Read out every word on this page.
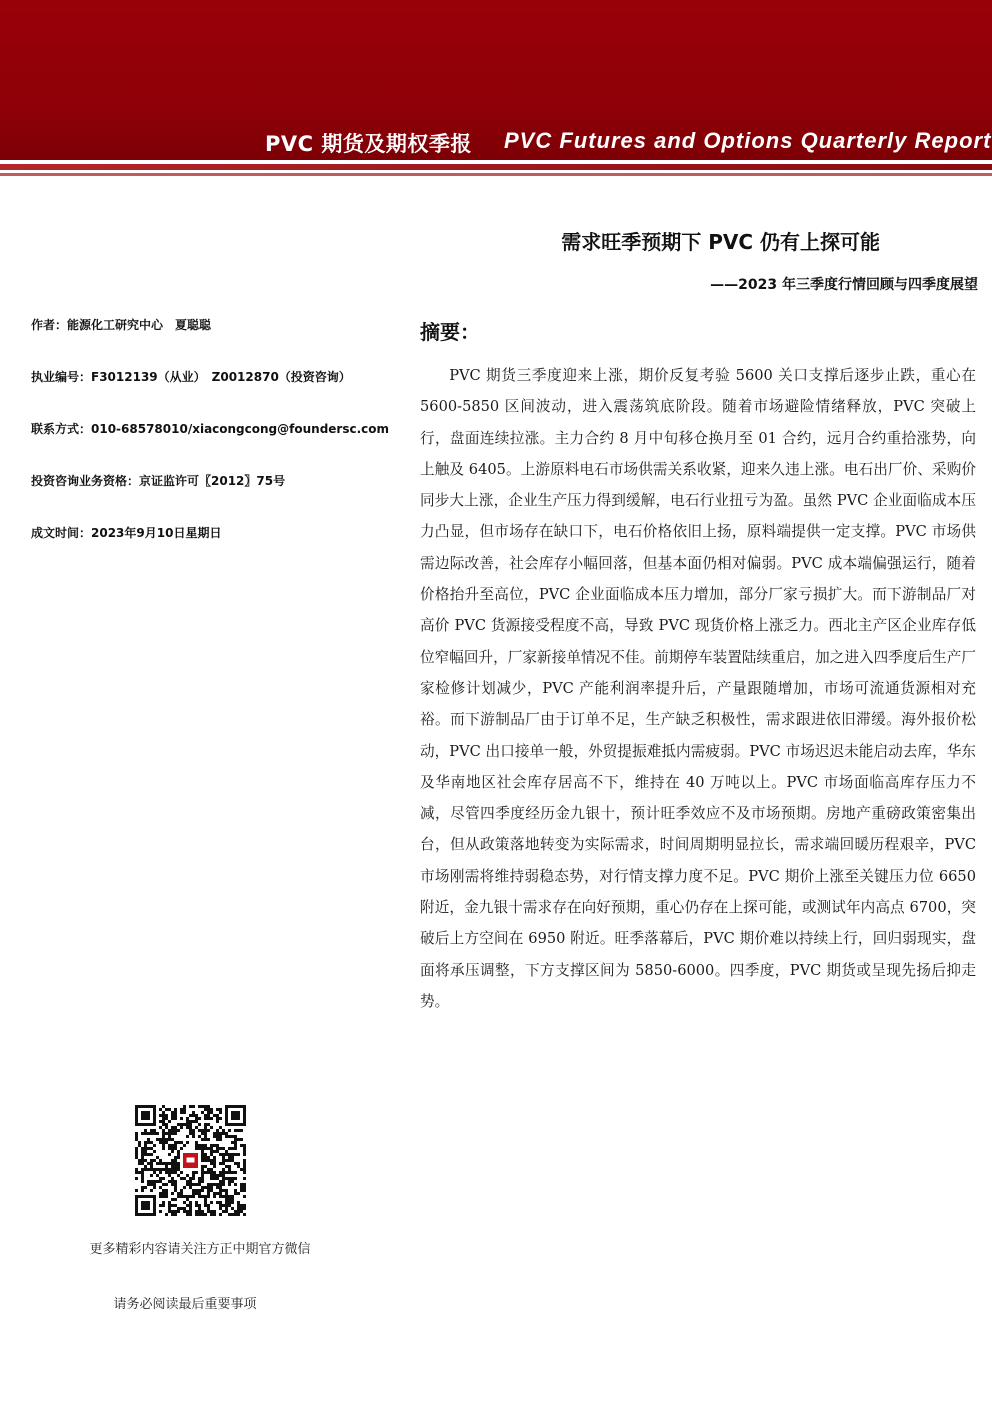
PVC 期货及期权季报 PVC Futures and Options Quarterly Report
需求旺季预期下 PVC 仍有上探可能
——2023 年三季度行情回顾与四季度展望
作者：能源化工研究中心　夏聪聪
执业编号：F3012139（从业）　Z0012870（投资咨询）
联系方式：010-68578010/xiacongcong@foundersc.com
投资咨询业务资格：京证监许可〖2012〗75号
成文时间：2023年9月10日星期日
摘要：

PVC 期货三季度迎来上涨，期价反复考验 5600 关口支撑后逐步止跌，重心在 5600-5850 区间波动，进入震荡筑底阶段。随着市场避险情绪释放，PVC 突破上行，盘面连续拉涨。主力合约 8 月中旬移仓换月至 01 合约，远月合约重拾涨势，向上触及 6405。上游原料电石市场供需关系收紧，迎来久违上涨。电石出厂价、采购价同步大上涨，企业生产压力得到缓解，电石行业扭亏为盈。虽然 PVC 企业面临成本压力凸显，但市场存在缺口下，电石价格依旧上扬，原料端提供一定支撑。PVC 市场供需边际改善，社会库存小幅回落，但基本面仍相对偏弱。PVC 成本端偏强运行，随着价格抬升至高位，PVC 企业面临成本压力增加，部分厂家亏损扩大。而下游制品厂对高价 PVC 货源接受程度不高，导致 PVC 现货价格上涨乏力。西北主产区企业库存低位窄幅回升，厂家新接单情况不佳。前期停车装置陆续重启，加之进入四季度后生产厂家检修计划减少，PVC 产能利润率提升后，产量跟随增加，市场可流通货源相对充裕。而下游制品厂由于订单不足，生产缺乏积极性，需求跟进依旧滞缓。海外报价松动，PVC 出口接单一般，外贸提振难抵内需疲弱。PVC 市场迟迟未能启动去库，华东及华南地区社会库存居高不下，维持在 40 万吨以上。PVC 市场面临高库存压力不减，尽管四季度经历金九银十，预计旺季效应不及市场预期。房地产重磅政策密集出台，但从政策落地转变为实际需求，时间周期明显拉长，需求端回暖历程艰辛，PVC 市场刚需将维持弱稳态势，对行情支撑力度不足。PVC 期价上涨至关键压力位 6650 附近，金九银十需求存在向好预期，重心仍存在上探可能，或测试年内高点 6700，突破后上方空间在 6950 附近。旺季落幕后，PVC 期价难以持续上行，回归弱现实，盘面将承压调整，下方支撑区间为 5850-6000。四季度，PVC 期货或呈现先扬后抑走势。

更多精彩内容请关注方正中期官方微信
请务必阅读最后重要事项
